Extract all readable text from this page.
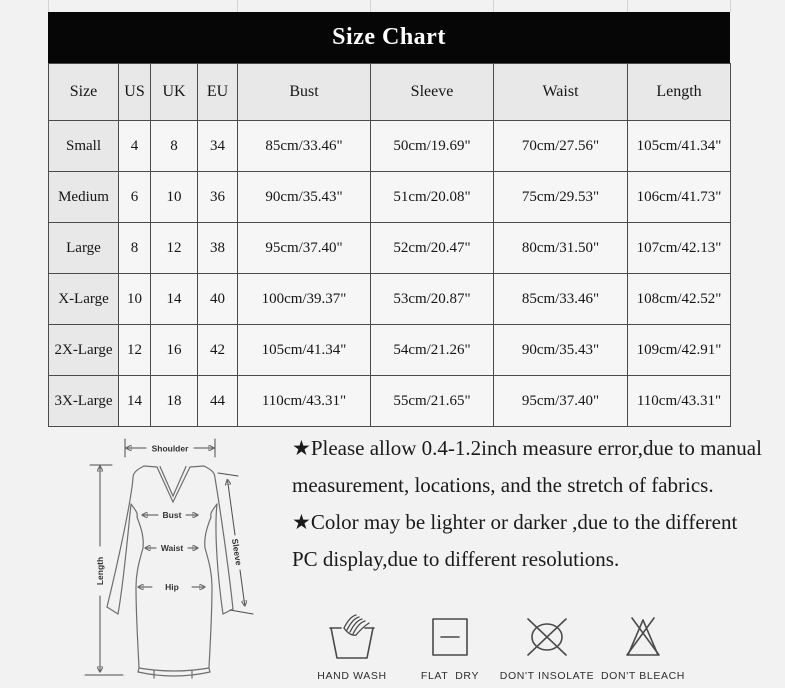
Size Chart
Size	US	UK	EU	Bust	Sleeve	Waist	Length
Small	4	8	34	85cm/33.46"	50cm/19.69"	70cm/27.56"	105cm/41.34"
Medium	6	10	36	90cm/35.43"	51cm/20.08"	75cm/29.53"	106cm/41.73"
Large	8	12	38	95cm/37.40"	52cm/20.47"	80cm/31.50"	107cm/42.13"
X-Large	10	14	40	100cm/39.37"	53cm/20.87"	85cm/33.46"	108cm/42.52"
2X-Large	12	16	42	105cm/41.34"	54cm/21.26"	90cm/35.43"	109cm/42.91"
3X-Large	14	18	44	110cm/43.31"	55cm/21.65"	95cm/37.40"	110cm/43.31"
Shoulder
Length
Bust
Waist
Hip
Sleeve

★Please allow 0.4-1.2inch measure error,due to manual measurement, locations, and the stretch of fabrics.

★Color may be lighter or darker ,due to the different PC display,due to different resolutions.

HAND WASH	FLAT  DRY DON'T INSOLATE DON'T BLEACH
